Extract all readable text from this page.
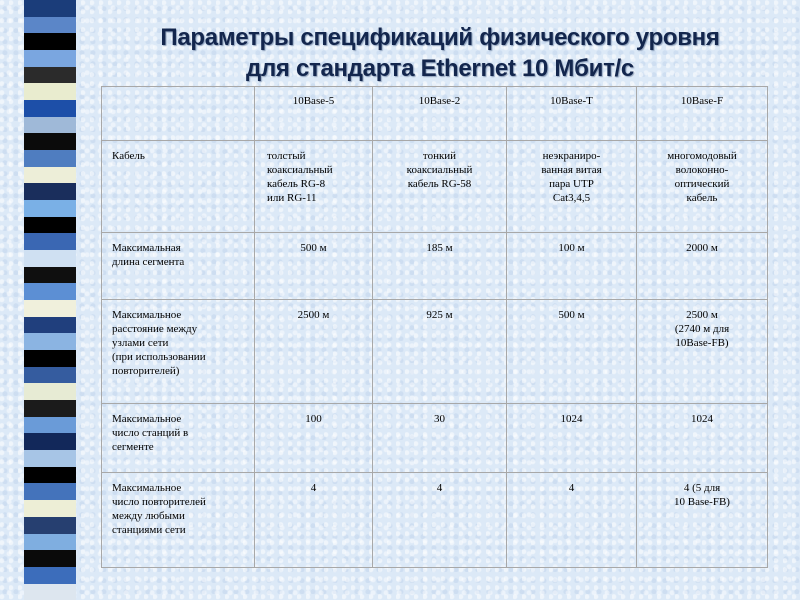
Параметры спецификаций физического уровня
для стандарта Ethernet 10 Мбит/с
	10Base-5	10Base-2	10Base-T	10Base-F
Кабель	толстый
коаксиальный
кабель RG-8
или RG-11	тонкий
коаксиальный
кабель RG-58	неэкраниро-
ванная витая
пара UTP
Cat3,4,5	многомодовый
волоконно-
оптический
кабель
Максимальная
длина сегмента	500 м	185 м	100 м	2000 м
Максимальное
расстояние между
узлами сети
(при использовании
повторителей)	2500 м	925 м	500 м	2500 м
(2740 м для
10Base-FB)
Максимальное
число станций в
сегменте	100	30	1024	1024
Максимальное
число повторителей
между любыми
станциями сети	4	4	4	4 (5 для
10 Base-FB)
